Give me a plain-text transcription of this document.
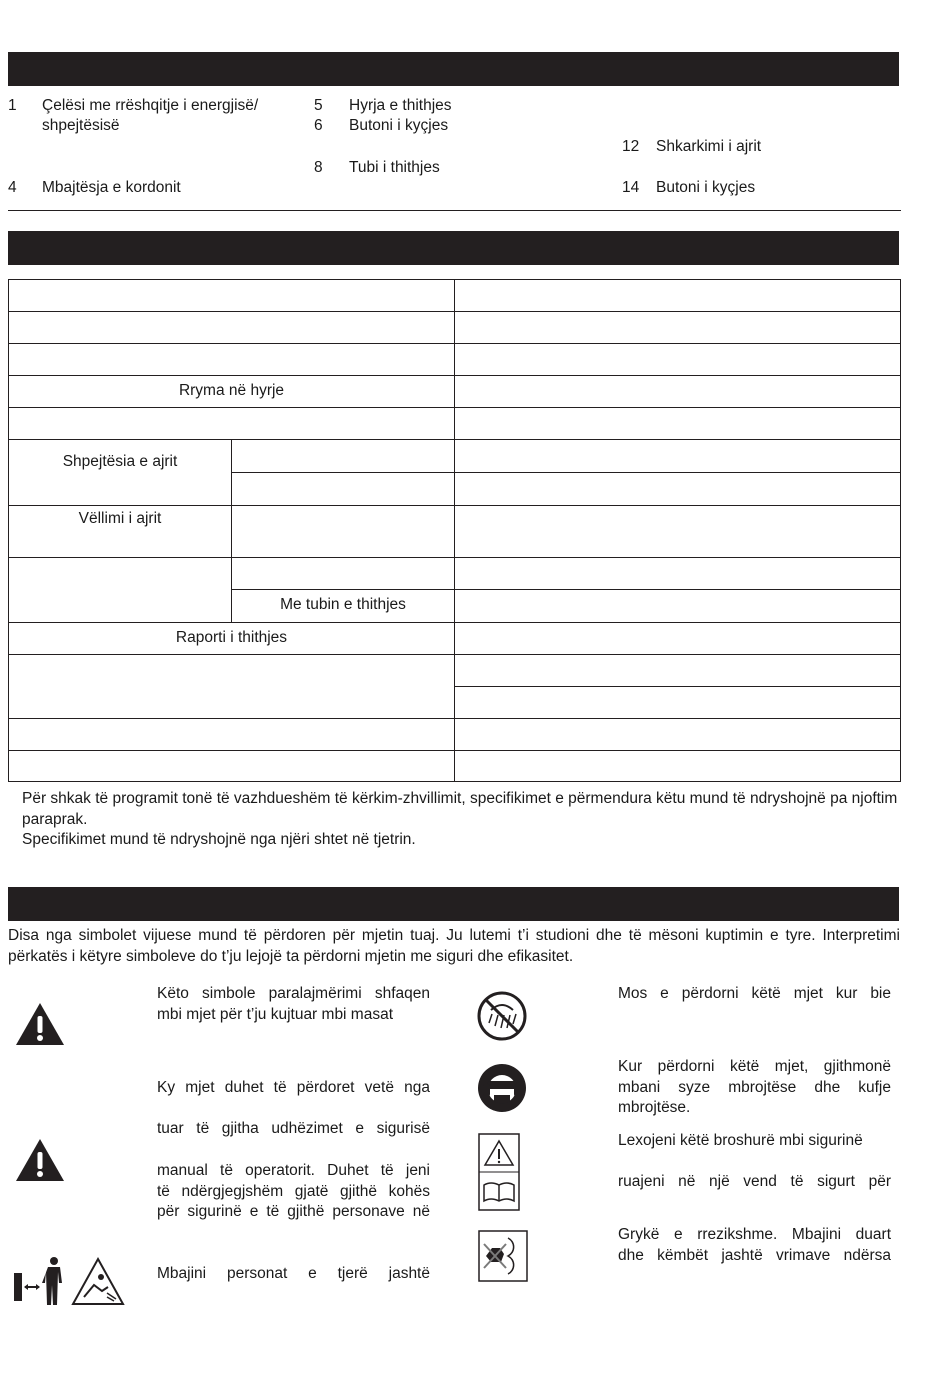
1 Çelësi me rrëshqitje i energjisë/
shpejtësisë
5 Hyrja e thithjes
6 Butoni i kyçjes
12 Shkarkimi i ajrit
8 Tubi i thithjes
4 Mbajtësja e kordonit	14 Butoni i kyçjes
Rryma në hyrje
Shpejtësia e ajrit
Vëllimi i ajrit
Me tubin e thithjes
Raporti i thithjes
Për shkak të programit tonë të vazhdueshëm të kërkim-zhvillimit, specifikimet e përmendura këtu mund të ndryshojnë pa njoftim paraprak.
Specifikimet mund të ndryshojnë nga njëri shtet në tjetrin.
Disa nga simbolet vijuese mund të përdoren për mjetin tuaj. Ju lutemi t’i studioni dhe të mësoni kuptimin e tyre. Interpretimi përkatës i këtyre simboleve do t’ju lejojë ta përdorni mjetin me siguri dhe efikasitet.
Këto simbole paralajmërimi shfaqen
mbi mjet për t’ju kujtuar mbi masat
Ky mjet duhet të përdoret vetë nga
tuar të gjitha udhëzimet e sigurisë
manual të operatorit. Duhet të jeni
të ndërgjegjshëm gjatë gjithë kohës
për sigurinë e të gjithë personave në
Mbajini personat e tjerë jashtë
Mos e përdorni këtë mjet kur bie
Kur përdorni këtë mjet, gjithmonë
mbani syze mbrojtëse dhe kufje
mbrojtëse.
Lexojeni këtë broshurë mbi sigurinë
ruajeni në një vend të sigurt për
Grykë e rrezikshme. Mbajini duart
dhe këmbët jashtë vrimave ndërsa
